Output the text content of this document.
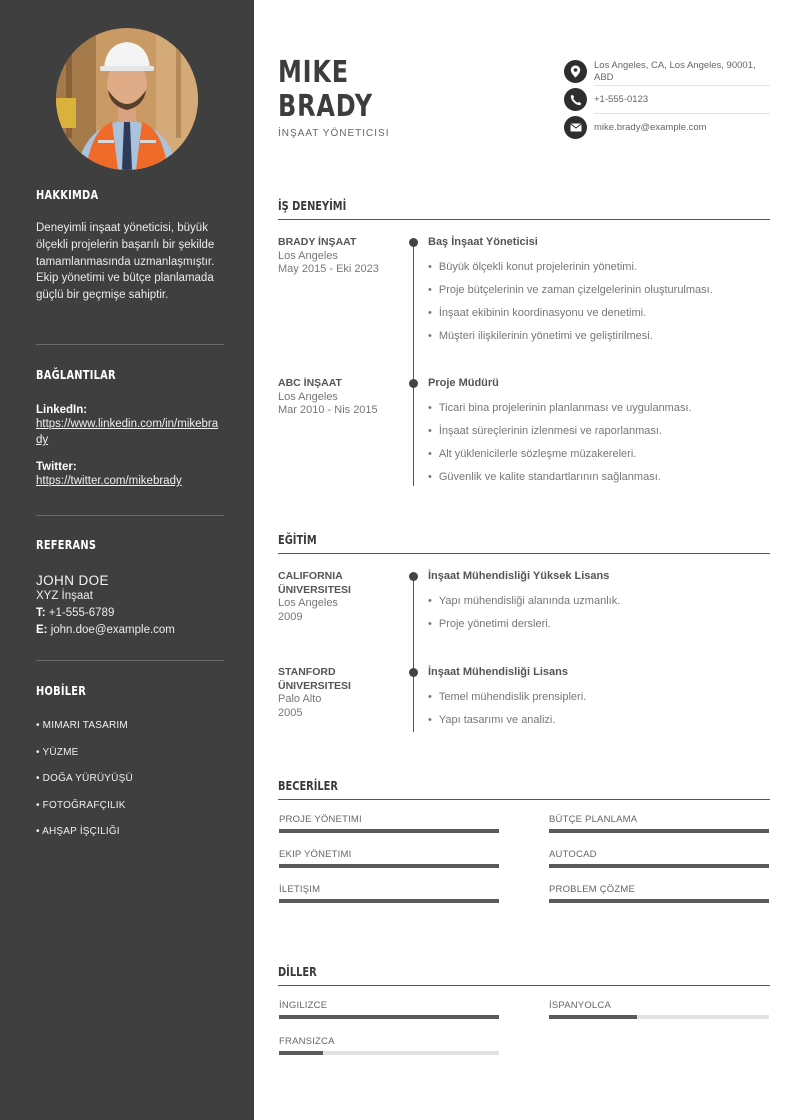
HAKKIMDA
Deneyimli inşaat yöneticisi, büyük ölçekli projelerin başarılı bir şekilde tamamlanmasında uzmanlaşmıştır. Ekip yönetimi ve bütçe planlamada güçlü bir geçmişe sahiptir.
BAĞLANTILAR
LinkedIn:
https://www.linkedin.com/in/mikebrady
Twitter:
https://twitter.com/mikebrady
REFERANS
JOHN DOE
XYZ İnşaat
T: +1-555-6789
E: john.doe@example.com
HOBİLER
• MIMARI TASARIM
• YÜZME
• DOĞA YÜRÜYÜŞÜ
• FOTOĞRAFÇILIK
• AHŞAP İŞÇILIĞI
MIKE
BRADY
İNŞAAT YÖNETICISI
Los Angeles, CA, Los Angeles, 90001, ABD
+1-555-0123
mike.brady@example.com
İŞ DENEYİMİ
BRADY İNŞAAT
Los Angeles
May 2015 - Eki 2023
Baş İnşaat Yöneticisi
• Büyük ölçekli konut projelerinin yönetimi.
• Proje bütçelerinin ve zaman çizelgelerinin oluşturulması.
• İnşaat ekibinin koordinasyonu ve denetimi.
• Müşteri ilişkilerinin yönetimi ve geliştirilmesi.
ABC İNŞAAT
Los Angeles
Mar 2010 - Nis 2015
Proje Müdürü
• Ticari bina projelerinin planlanması ve uygulanması.
• İnşaat süreçlerinin izlenmesi ve raporlanması.
• Alt yüklenicilerle sözleşme müzakereleri.
• Güvenlik ve kalite standartlarının sağlanması.
EĞİTİM
CALIFORNIA
ÜNIVERSITESI
Los Angeles
2009
İnşaat Mühendisliği Yüksek Lisans
• Yapı mühendisliği alanında uzmanlık.
• Proje yönetimi dersleri.
STANFORD
ÜNIVERSITESI
Palo Alto
2005
İnşaat Mühendisliği Lisans
• Temel mühendislik prensipleri.
• Yapı tasarımı ve analizi.
BECERİLER
PROJE YÖNETIMI	BÜTÇE PLANLAMA
EKIP YÖNETIMI	AUTOCAD
İLETIŞIM	PROBLEM ÇÖZME
DİLLER
İNGILIZCE	İSPANYOLCA
FRANSIZCA
